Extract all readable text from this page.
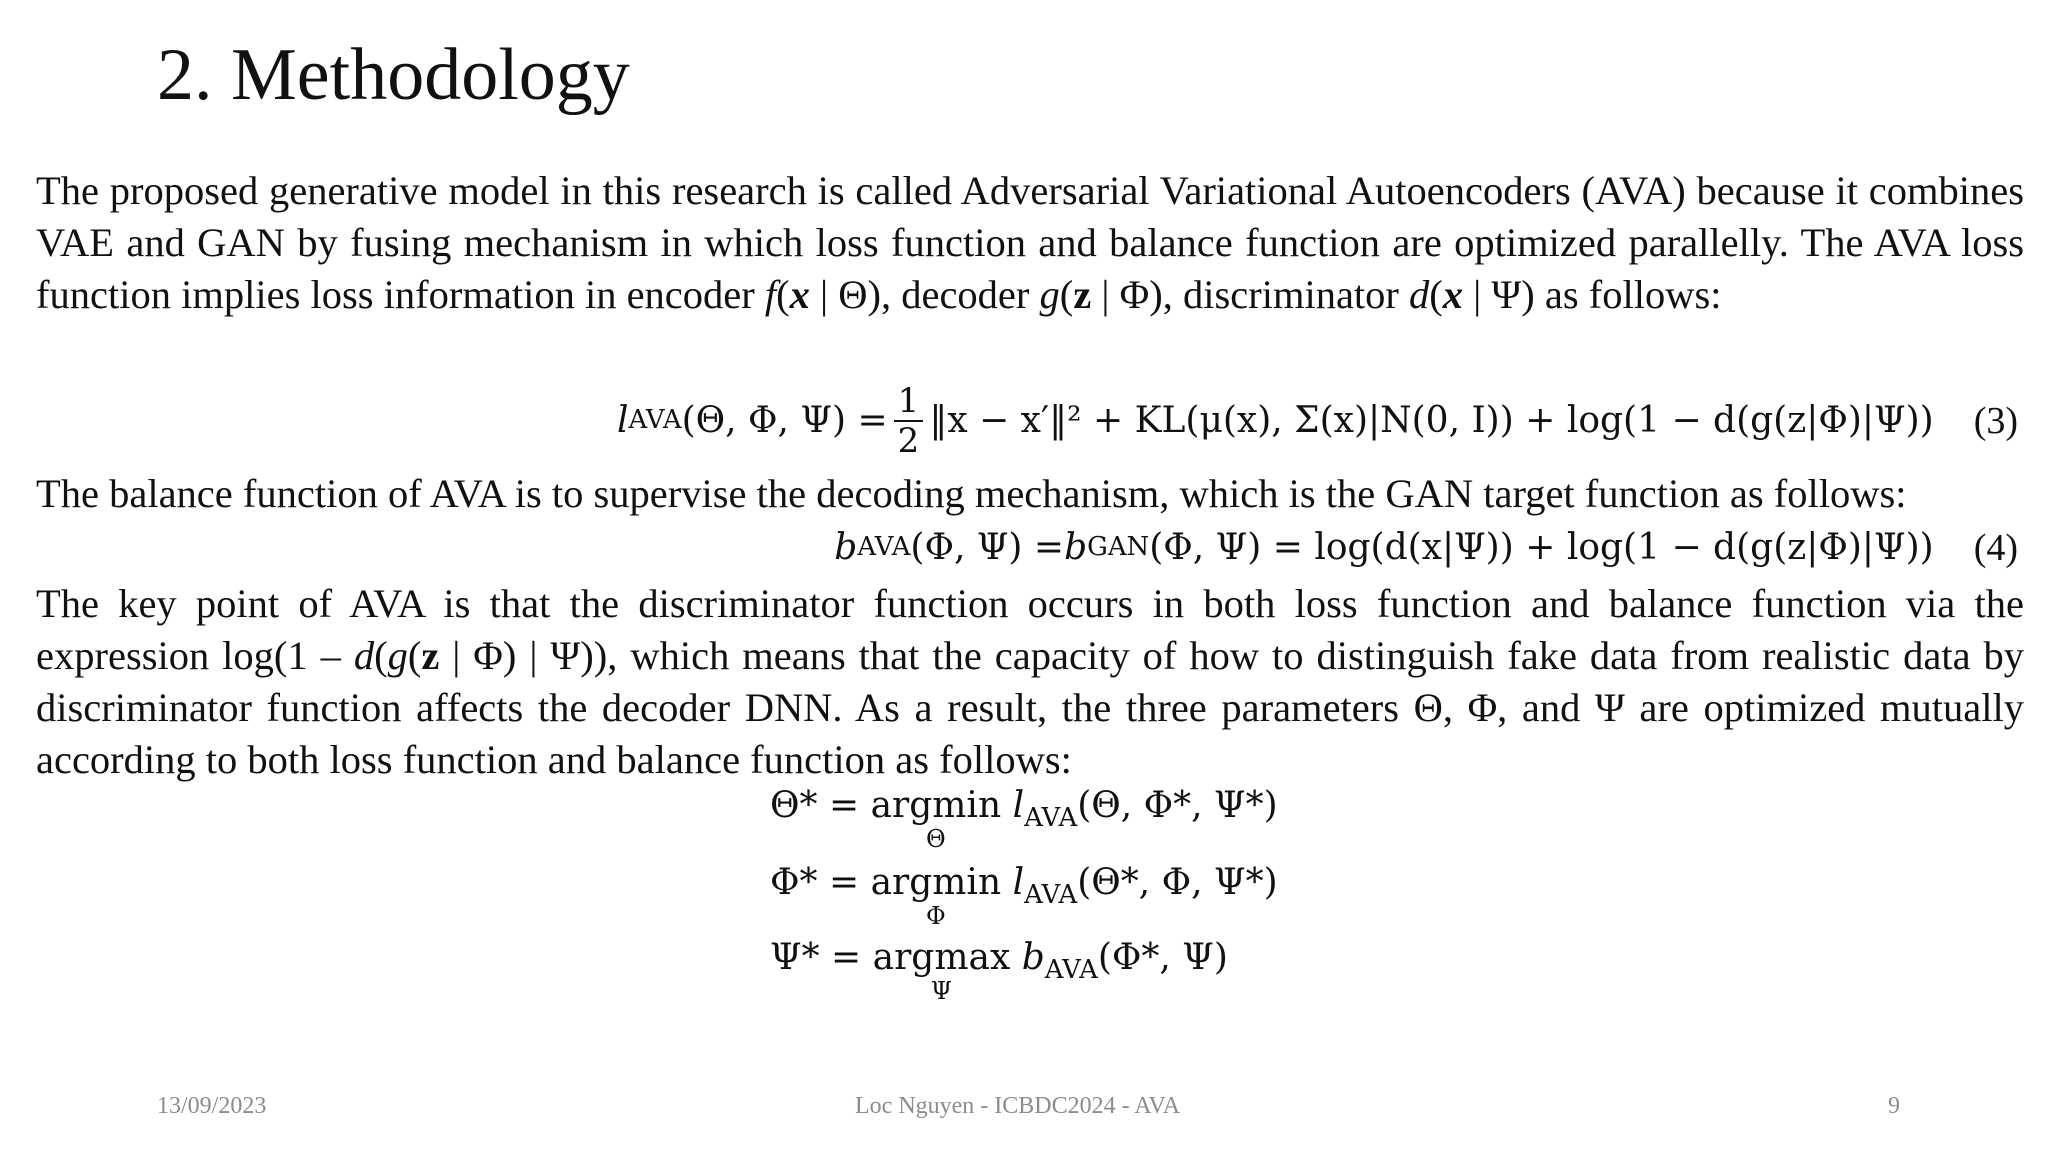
2. Methodology

The proposed generative model in this research is called Adversarial Variational Autoencoders (AVA) because it combines VAE and GAN by fusing mechanism in which loss function and balance function are optimized parallelly. The AVA loss function implies loss information in encoder f(x | Θ), decoder g(z | Φ), discriminator d(x | Ψ) as follows:

l AVA (Θ, Φ, $\Psi) = \frac{1}{2}$ ‖x − x′‖² + KL(μ(x), Σ(x)|N(0, I)) + log(1 − d(g(z|Φ)|Ψ)) (3)

The balance function of AVA is to supervise the decoding mechanism, which is the GAN target function as follows:

b AVA (Φ, Ψ) = b GAN (Φ, Ψ) = log(d(x|Ψ)) + log(1 − d(g(z|Φ)|Ψ)) (4)

The key point of AVA is that the discriminator function occurs in both loss function and balance function via the expression log(1 – d(g(z | Φ) | Ψ)), which means that the capacity of how to distinguish fake data from realistic data by discriminator function affects the decoder DNN. As a result, the three parameters Θ, Φ, and Ψ are optimized mutually according to both loss function and balance function as follows:

Θ* = argmin
Θ
$l_{AVA}(\Theta$, Φ*, Ψ*)
Φ* = argmin
Φ
$l_{AVA}(\Theta*$, Φ, Ψ*)
Ψ* = argmax
Ψ
$b_{AVA}(\Phi*$, Ψ)
13/09/2023	Loc Nguyen - ICBDC2024 - AVA	9
